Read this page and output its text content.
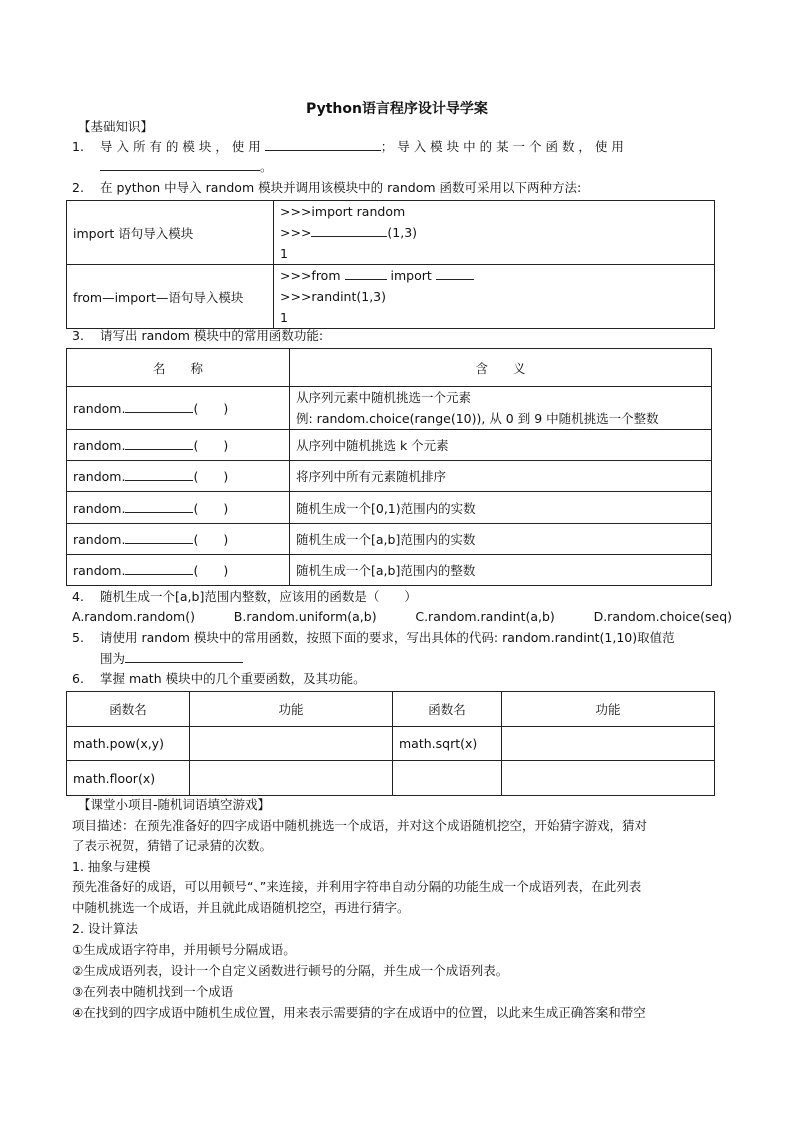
Python语言程序设计导学案
【基础知识】
1. 导 入 所 有 的 模 块 ， 使 用	； 导 入 模 块 中 的 某 一 个 函 数 ， 使 用
。
2. 在 python 中导入 random 模块并调用该模块中的 random 函数可采用以下两种方法:
import 语句导入模块	>>>import random
>>> (1,3)
1

from—import—语句导入模块	>>>from import
>>>randint(1,3)
1
3. 请写出 random 模块中的常用函数功能:
名　　称	含　　义
random. (　　)	从序列元素中随机挑选一个元素
例: random.choice(range(10)), 从 0 到 9 中随机挑选一个整数

random. (　　)	从序列中随机挑选 k 个元素
random. (　　)	将序列中所有元素随机排序
random. (　　)	随机生成一个[0,1)范围内的实数
random. (　　)	随机生成一个[a,b]范围内的实数
random. (　　)	随机生成一个[a,b]范围内的整数
4. 随机生成一个[a,b]范围内整数，应该用的函数是（　　）
A.random.random()	B.random.uniform(a,b)	C.random.randint(a,b)	D.random.choice(seq)
5. 请使用 random 模块中的常用函数，按照下面的要求，写出具体的代码: random.randint(1,10)取值范
围为
6. 掌握 math 模块中的几个重要函数，及其功能。
函数名	功能	函数名	功能
math.pow(x,y)		math.sqrt(x)	
math.floor(x)			
【课堂小项目-随机词语填空游戏】
项目描述：在预先准备好的四字成语中随机挑选一个成语，并对这个成语随机挖空，开始猜字游戏，猜对
了表示祝贺，猜错了记录猜的次数。
1. 抽象与建模
预先准备好的成语，可以用顿号“、”来连接，并利用字符串自动分隔的功能生成一个成语列表，在此列表
中随机挑选一个成语，并且就此成语随机挖空，再进行猜字。
2. 设计算法
①生成成语字符串，并用顿号分隔成语。
②生成成语列表，设计一个自定义函数进行顿号的分隔，并生成一个成语列表。
③在列表中随机找到一个成语
④在找到的四字成语中随机生成位置，用来表示需要猜的字在成语中的位置，以此来生成正确答案和带空
